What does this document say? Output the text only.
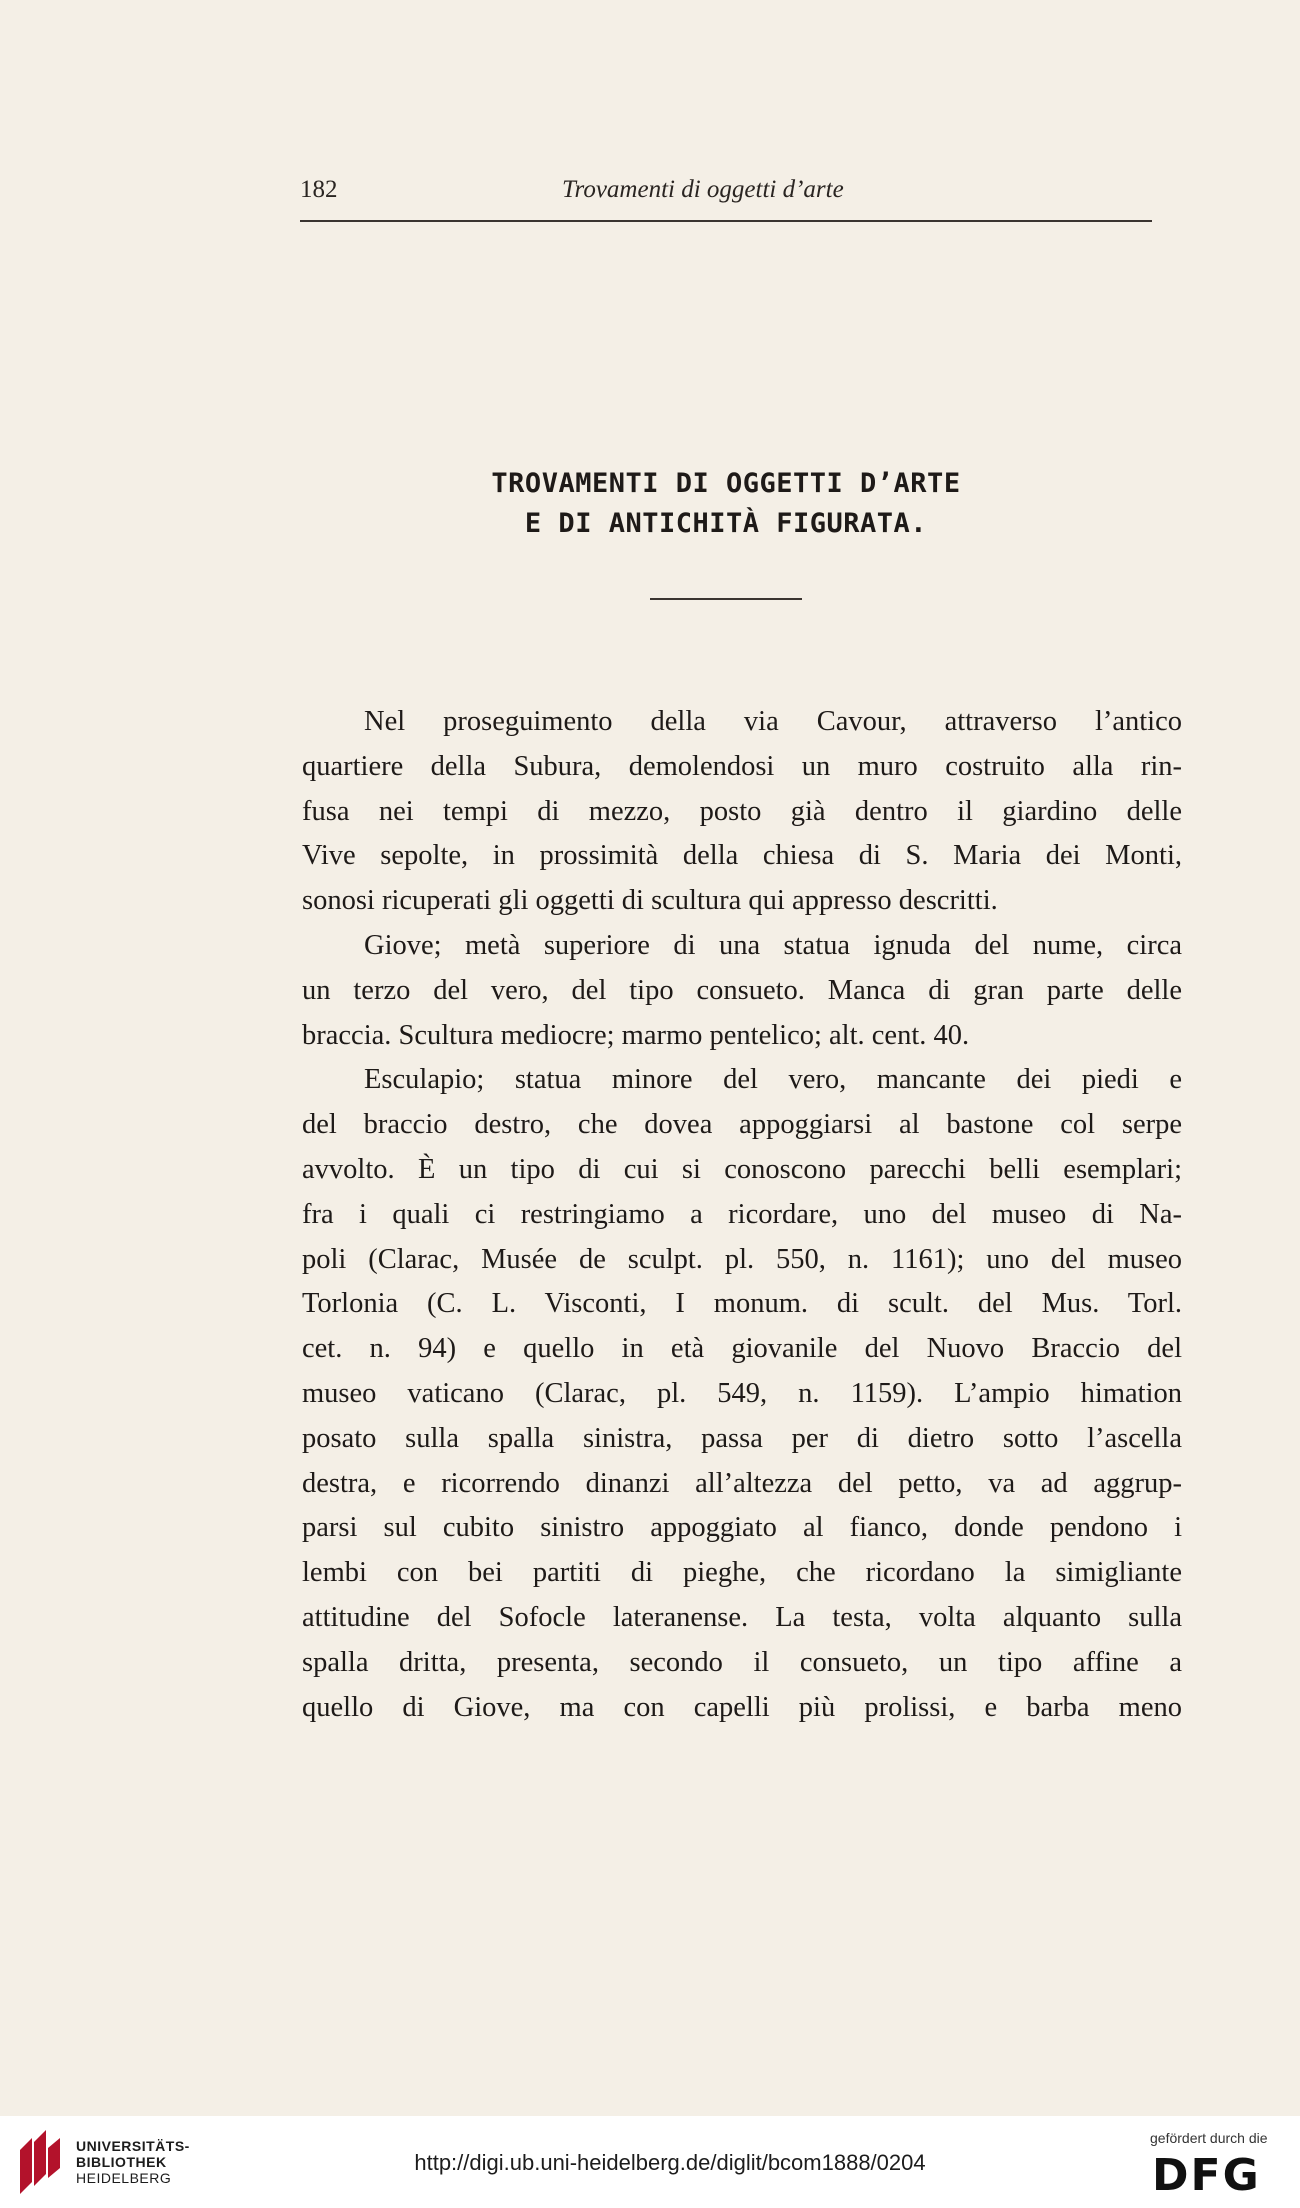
182	Trovamenti di oggetti d’arte
TROVAMENTI DI OGGETTI D’ARTE
E DI ANTICHITÀ FIGURATA.
Nel proseguimento della via Cavour, attraverso l’antico
quartiere della Subura, demolendosi un muro costruito alla rin-
fusa nei tempi di mezzo, posto già dentro il giardino delle
Vive sepolte, in prossimità della chiesa di S. Maria dei Monti,
sonosi ricuperati gli oggetti di scultura qui appresso descritti.
Giove; metà superiore di una statua ignuda del nume, circa
un terzo del vero, del tipo consueto. Manca di gran parte delle
braccia. Scultura mediocre; marmo pentelico; alt. cent. 40.
Esculapio; statua minore del vero, mancante dei piedi e
del braccio destro, che dovea appoggiarsi al bastone col serpe
avvolto. È un tipo di cui si conoscono parecchi belli esemplari;
fra i quali ci restringiamo a ricordare, uno del museo di Na-
poli (Clarac, Musée de sculpt. pl. 550, n. 1161); uno del museo
Torlonia (C. L. Visconti, I monum. di scult. del Mus. Torl.
cet. n. 94) e quello in età giovanile del Nuovo Braccio del
museo vaticano (Clarac, pl. 549, n. 1159). L’ampio himation
posato sulla spalla sinistra, passa per di dietro sotto l’ascella
destra, e ricorrendo dinanzi all’altezza del petto, va ad aggrup-
parsi sul cubito sinistro appoggiato al fianco, donde pendono i
lembi con bei partiti di pieghe, che ricordano la simigliante
attitudine del Sofocle lateranense. La testa, volta alquanto sulla
spalla dritta, presenta, secondo il consueto, un tipo affine a
quello di Giove, ma con capelli più prolissi, e barba meno
UNIVERSITÄTS-
BIBLIOTHEK
HEIDELBERG
http://digi.ub.uni-heidelberg.de/diglit/bcom1888/0204
gefördert durch die
DFG
